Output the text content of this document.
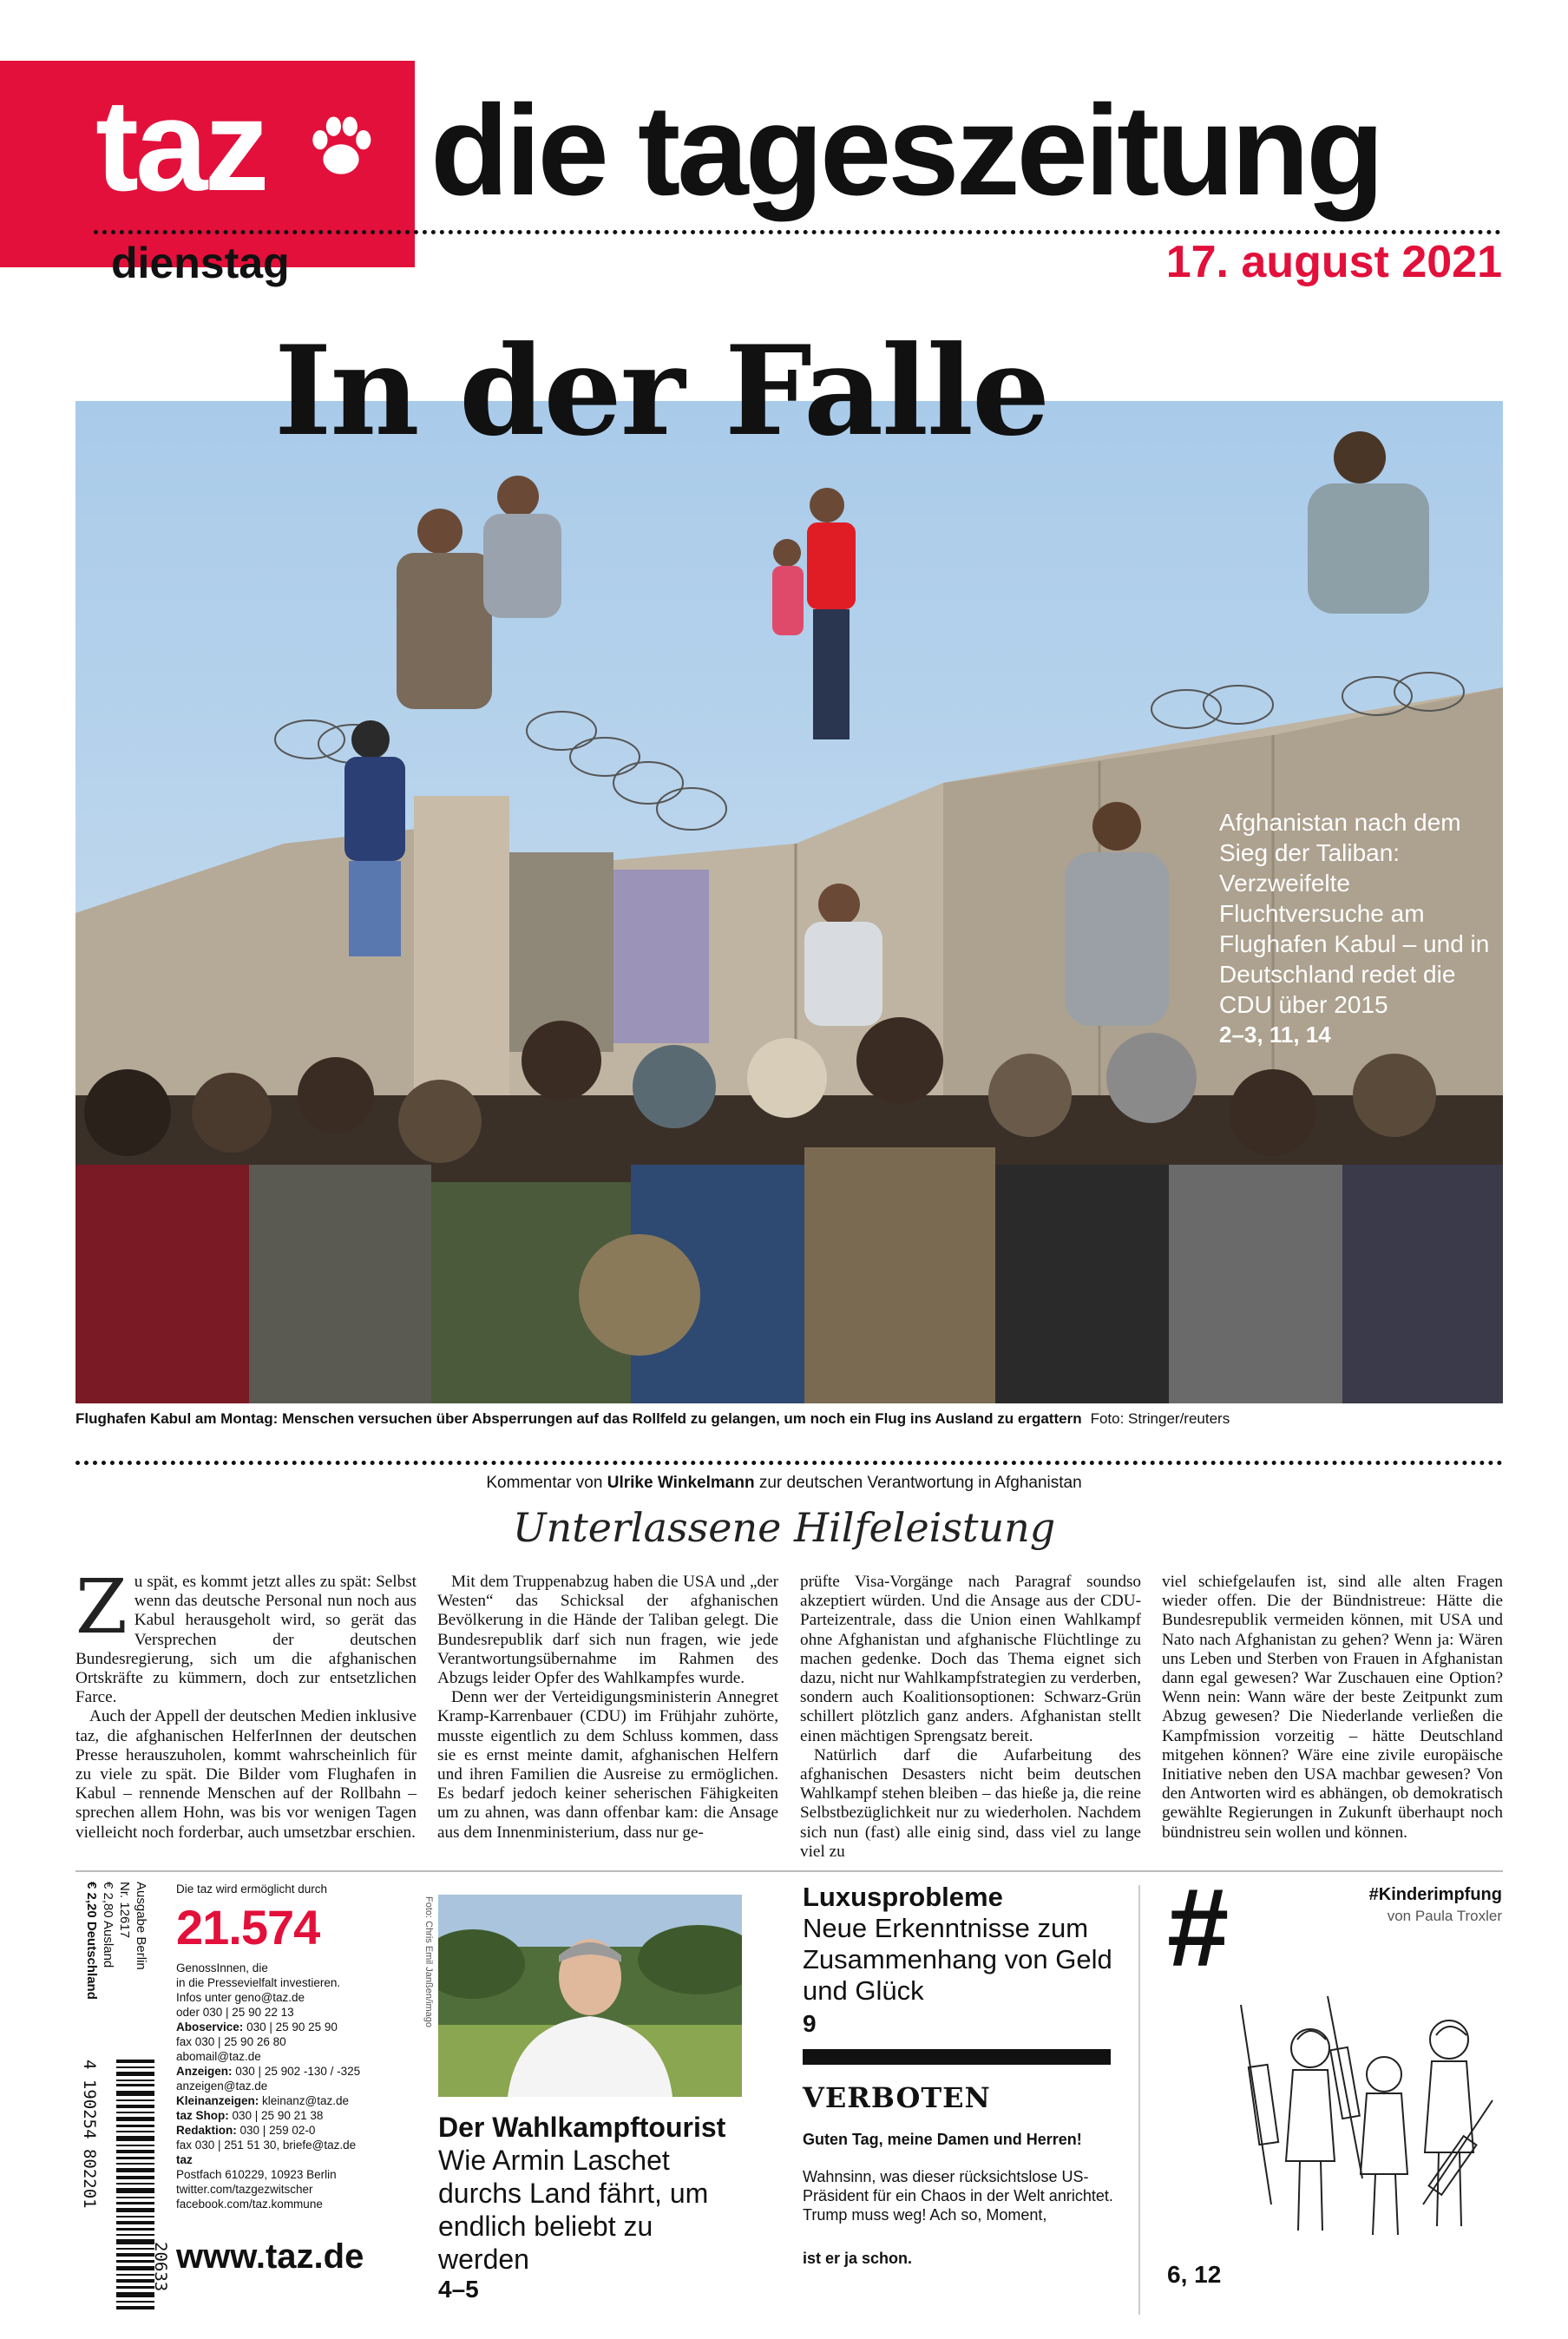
taz die tageszeitung
dienstag	17. august 2021
In der Falle
Afghanistan nach dem Sieg der Taliban: Verzweifelte Fluchtversuche am Flughafen Kabul – und in Deutschland redet die CDU über 2015
2–3, 11, 14
Flughafen Kabul am Montag: Menschen versuchen über Absperrungen auf das Rollfeld zu gelangen, um noch ein Flug ins Ausland zu ergattern Foto: Stringer/reuters
Kommentar von Ulrike Winkelmann zur deutschen Verantwortung in Afghanistan
Unterlassene Hilfeleistung
Z u spät, es kommt jetzt alles zu spät: Selbst wenn das deutsche Personal nun noch aus Kabul herausgeholt wird, so gerät das Versprechen der deutschen Bundesregierung, sich um die afghanischen Ortskräfte zu kümmern, doch zur entsetzlichen Farce.

Auch der Appell der deutschen Medien inklusive taz, die afghanischen HelferInnen der deutschen Presse herauszuholen, kommt wahrscheinlich für zu viele zu spät. Die Bilder vom Flughafen in Kabul – rennende Menschen auf der Rollbahn – sprechen allem Hohn, was bis vor wenigen Tagen vielleicht noch forderbar, auch umsetzbar erschien.

Mit dem Truppenabzug haben die USA und „der Westen“ das Schicksal der afghanischen Bevölkerung in die Hände der Taliban gelegt. Die Bundesrepublik darf sich nun fragen, wie jede Verantwortungsübernahme im Rahmen des Abzugs leider Opfer des Wahlkampfes wurde.

Denn wer der Verteidigungsministerin Annegret Kramp-Karrenbauer (CDU) im Frühjahr zuhörte, musste eigentlich zu dem Schluss kommen, dass sie es ernst meinte damit, afghanischen Helfern und ihren Familien die Ausreise zu ermöglichen. Es bedarf jedoch keiner seherischen Fähigkeiten um zu ahnen, was dann offenbar kam: die Ansage aus dem Innenministerium, dass nur ge-

prüfte Visa-Vorgänge nach Paragraf soundso akzeptiert würden. Und die Ansage aus der CDU-Parteizentrale, dass die Union einen Wahlkampf ohne Afghanistan und afghanische Flüchtlinge zu machen gedenke. Doch das Thema eignet sich dazu, nicht nur Wahlkampfstrategien zu verderben, sondern auch Koalitionsoptionen: Schwarz-Grün schillert plötzlich ganz anders. Afghanistan stellt einen mächtigen Sprengsatz bereit.

Natürlich darf die Aufarbeitung des afghanischen Desasters nicht beim deutschen Wahlkampf stehen bleiben – das hieße ja, die reine Selbstbezüglichkeit nur zu wiederholen. Nachdem sich nun (fast) alle einig sind, dass viel zu lange viel zu

viel schiefgelaufen ist, sind alle alten Fragen wieder offen. Die der Bündnistreue: Hätte die Bundesrepublik vermeiden können, mit USA und Nato nach Afghanistan zu gehen? Wenn ja: Wären uns Leben und Sterben von Frauen in Afghanistan dann egal gewesen? War Zuschauen eine Option? Wenn nein: Wann wäre der beste Zeitpunkt zum Abzug gewesen? Die Niederlande verließen die Kampfmission vorzeitig – hätte Deutschland mitgehen können? Wäre eine zivile europäische Initiative neben den USA machbar gewesen? Von den Antworten wird es abhängen, ob demokratisch gewählte Regierungen in Zukunft überhaupt noch bündnistreu sein wollen und können.

Ausgabe Berlin
Nr. 12617
€ 2,80 Ausland
€ 2,20 Deutschland
4 190254 802201
20633
Die taz wird ermöglicht durch
21.574
GenossInnen, die
in die Pressevielfalt investieren.
Infos unter geno@taz.de
oder 030 | 25 90 22 13
Aboservice: 030 | 25 90 25 90
fax 030 | 25 90 26 80
abomail@taz.de
Anzeigen: 030 | 25 902 -130 / -325
anzeigen@taz.de
Kleinanzeigen: kleinanz@taz.de
taz Shop: 030 | 25 90 21 38
Redaktion: 030 | 259 02-0
fax 030 | 251 51 30, briefe@taz.de
taz
Postfach 610229, 10923 Berlin
twitter.com/tazgezwitscher
facebook.com/taz.kommune
www.taz.de
Foto: Chris Emil Janßen/imago
Der Wahlkampftourist
Wie Armin Laschet durchs Land fährt, um endlich beliebt zu werden
4–5
Luxusprobleme
Neue Erkenntnisse zum Zusammenhang von Geld und Glück
9
VERBOTEN
Guten Tag, meine Damen und Herren!
Wahnsinn, was dieser rücksichtslose US-Präsident für ein Chaos in der Welt anrichtet. Trump muss weg! Ach so, Moment,
ist er ja schon.
#	#Kinderimpfung
von Paula Troxler
6, 12
